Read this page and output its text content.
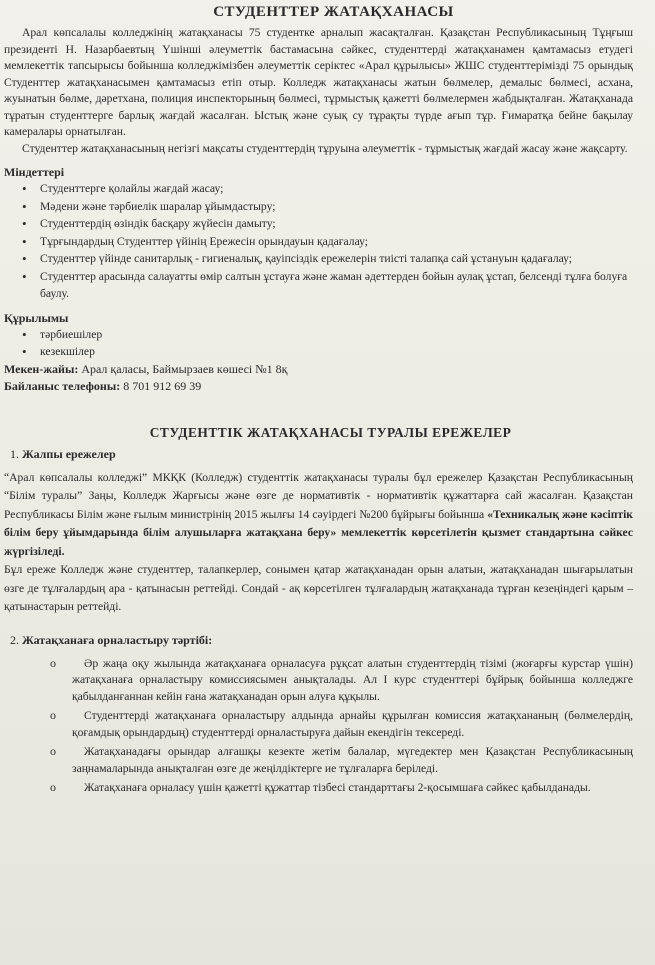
СТУДЕНТТЕР ЖАТАҚХАНАСЫ

Арал көпсалалы колледжінің жатақханасы 75 студентке арналып жасақталған. Қазақстан Республикасының Тұңғыш президенті Н. Назарбаевтың Үшінші әлеуметтік бастамасына сәйкес, студенттерді жатақханамен қамтамасыз етудегі мемлекеттік тапсырысы бойынша колледжімізбен әлеуметтік серіктес «Арал құрылысы» ЖШС студенттерімізді 75 орындық Студенттер жатақханасымен қамтамасыз етіп отыр. Колледж жатақханасы жатын бөлмелер, демалыс бөлмесі, асхана, жуынатын бөлме, дәретхана, полиция инспекторының бөлмесі, тұрмыстық қажетті бөлмелермен жабдықталған. Жатақханада тұратын студенттерге барлық жағдай жасалған. Ыстық және суық су тұрақты түрде ағып тұр. Ғимаратқа бейне бақылау камералары орнатылған.

Студенттер жатақханасының негізгі мақсаты студенттердің тұруына әлеуметтік - тұрмыстық жағдай жасау және жақсарту.

Міндеттері
• Студенттерге қолайлы жағдай жасау;
• Мәдени және тәрбиелік шаралар ұйымдастыру;
• Студенттердің өзіндік басқару жүйесін дамыту;
• Тұрғындардың Студенттер үйінің Ережесін орындауын қадағалау;
• Студенттер үйінде санитарлық - гигиеналық, қауіпсіздік ережелерін тиісті талапқа сай ұстануын қадағалау;
• Студенттер арасында салауатты өмір салтын ұстауға және жаман әдеттерден бойын аулақ ұстап, белсенді тұлға болуға баулу.
Құрылымы
• тәрбиешілер
• кезекшілер
Мекен-жайы: Арал қаласы, Баймырзаев көшесі №1 8қ
Байланыс телефоны: 8 701 912 69 39
СТУДЕНТТІК ЖАТАҚХАНАСЫ ТУРАЛЫ ЕРЕЖЕЛЕР
1. Жалпы ережелер

“Арал көпсалалы колледжі” МКҚК (Колледж) студенттік жатақханасы туралы бұл ережелер Қазақстан Республикасының “Білім туралы” Заңы, Колледж Жарғысы және өзге де нормативтік - нормативтік құжаттарға сай жасалған. Қазақстан Республикасы Білім және ғылым министрінің 2015 жылғы 14 сәуірдегі №200 бұйрығы бойынша «Техникалық және кәсіптік білім беру ұйымдарында білім алушыларға жатақхана беру» мемлекеттік көрсетілетін қызмет стандартына сәйкес жүргізіледі.

Бұл ереже Колледж және студенттер, талапкерлер, сонымен қатар жатақханадан орын алатын, жатақханадан шығарылатын өзге де тұлғалардың ара - қатынасын реттейді. Сондай - ақ көрсетілген тұлғалардың жатақханада тұрған кезеңіндегі қарым – қатынастарын реттейді.

2. Жатақханаға орналастыру тәртібі:
o Әр жаңа оқу жылында жатақханаға орналасуға рұқсат алатын студенттердің тізімі (жоғарғы курстар үшін) жатақханаға орналастыру комиссиясымен анықталады. Ал I курс студенттері бұйрық бойынша колледжге қабылданғаннан кейін ғана жатақханадан орын алуға құқылы.
o Студенттерді жатақханаға орналастыру алдында арнайы құрылған комиссия жатақхананың (бөлмелердің, қоғамдық орындардың) студенттерді орналастыруға дайын екендігін тексереді.
o Жатақханадағы орындар алғашқы кезекте жетім балалар, мүгедектер мен Қазақстан Республикасының заңнамаларында анықталған өзге де жеңілдіктерге ие тұлғаларға беріледі.
o Жатақханаға орналасу үшін қажетті құжаттар тізбесі стандарттағы 2-қосымшаға сәйкес қабылданады.
